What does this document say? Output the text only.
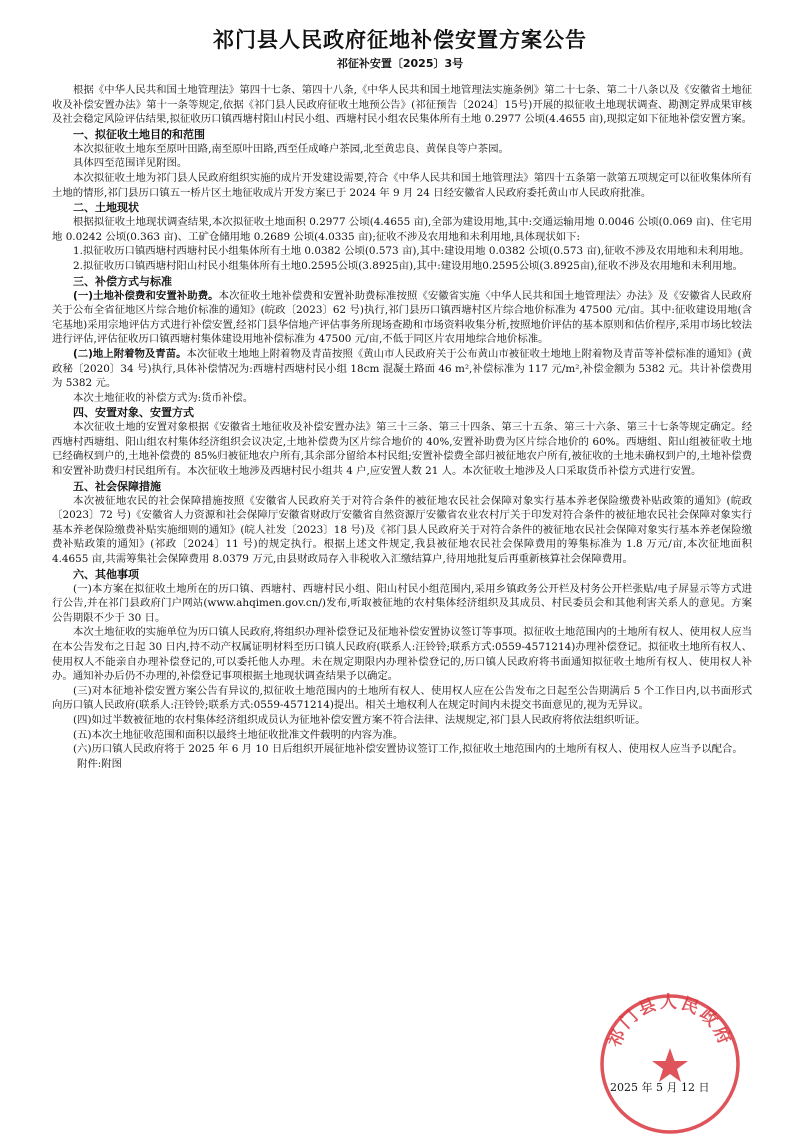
祁门县人民政府征地补偿安置方案公告
祁征补安置〔2025〕3号

根据《中华人民共和国土地管理法》第四十七条、第四十八条,《中华人民共和国土地管理法实施条例》第二十七条、第二十八条以及《安徽省土地征收及补偿安置办法》第十一条等规定,依据《祁门县人民政府征收土地预公告》(祁征预告〔2024〕15号)开展的拟征收土地现状调查、勘测定界成果审核及社会稳定风险评估结果,拟征收历口镇西塘村阳山村民小组、西塘村民小组农民集体所有土地 0.2977 公顷(4.4655 亩),现拟定如下征地补偿安置方案。

一、拟征收土地目的和范围

本次拟征收土地东至原叶田路,南至原叶田路,西至任成峰户茶园,北至黄忠良、黄保良等户茶园。

具体四至范围详见附图。

本次拟征收土地为祁门县人民政府组织实施的成片开发建设需要,符合《中华人民共和国土地管理法》第四十五条第一款第五项规定可以征收集体所有土地的情形,祁门县历口镇五一桥片区土地征收成片开发方案已于 2024 年 9 月 24 日经安徽省人民政府委托黄山市人民政府批准。

二、土地现状

根据拟征收土地现状调查结果,本次拟征收土地面积 0.2977 公顷(4.4655 亩),全部为建设用地,其中:交通运输用地 0.0046 公顷(0.069 亩)、住宅用地 0.0242 公顷(0.363 亩)、工矿仓储用地 0.2689 公顷(4.0335 亩);征收不涉及农用地和未利用地,具体现状如下:

1.拟征收历口镇西塘村西塘村民小组集体所有土地 0.0382 公顷(0.573 亩),其中:建设用地 0.0382 公顷(0.573 亩),征收不涉及农用地和未利用地。

2.拟征收历口镇西塘村阳山村民小组集体所有土地0.2595公顷(3.8925亩),其中:建设用地0.2595公顷(3.8925亩),征收不涉及农用地和未利用地。

三、补偿方式与标准

(一)土地补偿费和安置补助费。本次征收土地补偿费和安置补助费标准按照《安徽省实施〈中华人民共和国土地管理法〉办法》及《安徽省人民政府关于公布全省征地区片综合地价标准的通知》(皖政〔2023〕62 号)执行,祁门县历口镇西塘村区片综合地价标准为 47500 元/亩。其中:征收建设用地(含宅基地)采用宗地评估方式进行补偿安置,经祁门县华信地产评估事务所现场查勘和市场资料收集分析,按照地价评估的基本原则和估价程序,采用市场比较法进行评估,评估征收历口镇西塘村集体建设用地补偿标准为 47500 元/亩,不低于同区片农用地综合地价标准。

(二)地上附着物及青苗。本次征收土地地上附着物及青苗按照《黄山市人民政府关于公布黄山市被征收土地地上附着物及青苗等补偿标准的通知》(黄政秘〔2020〕34 号)执行,具体补偿情况为:西塘村西塘村民小组 18cm 混凝土路面 46 m²,补偿标准为 117 元/m²,补偿金额为 5382 元。共计补偿费用为 5382 元。

本次土地征收的补偿方式为:货币补偿。

四、安置对象、安置方式

本次征收土地的安置对象根据《安徽省土地征收及补偿安置办法》第三十三条、第三十四条、第三十五条、第三十六条、第三十七条等规定确定。经西塘村西塘组、阳山组农村集体经济组织会议决定,土地补偿费为区片综合地价的 40%,安置补助费为区片综合地价的 60%。西塘组、阳山组被征收土地已经确权到户的,土地补偿费的 85%归被征地农户所有,其余部分留给本村民组;安置补偿费全部归被征地农户所有,被征收的土地未确权到户的,土地补偿费和安置补助费归村民组所有。本次征收土地涉及西塘村民小组共 4 户,应安置人数 21 人。本次征收土地涉及人口采取货币补偿方式进行安置。

五、社会保障措施

本次被征地农民的社会保障措施按照《安徽省人民政府关于对符合条件的被征地农民社会保障对象实行基本养老保险缴费补贴政策的通知》(皖政〔2023〕72 号)《安徽省人力资源和社会保障厅安徽省财政厅安徽省自然资源厅安徽省农业农村厅关于印发对符合条件的被征地农民社会保障对象实行基本养老保险缴费补贴实施细则的通知》(皖人社发〔2023〕18 号)及《祁门县人民政府关于对符合条件的被征地农民社会保障对象实行基本养老保险缴费补贴政策的通知》(祁政〔2024〕11 号)的规定执行。根据上述文件规定,我县被征地农民社会保障费用的筹集标准为 1.8 万元/亩,本次征地面积 4.4655 亩,共需筹集社会保障费用 8.0379 万元,由县财政局存入非税收入汇缴结算户,待用地批复后再重新核算社会保障费用。

六、其他事项

(一)本方案在拟征收土地所在的历口镇、西塘村、西塘村民小组、阳山村民小组范围内,采用乡镇政务公开栏及村务公开栏张贴/电子屏显示等方式进行公告,并在祁门县政府门户网站(www.ahqimen.gov.cn/)发布,听取被征地的农村集体经济组织及其成员、村民委员会和其他利害关系人的意见。方案公告期限不少于 30 日。

本次土地征收的实施单位为历口镇人民政府,将组织办理补偿登记及征地补偿安置协议签订等事项。拟征收土地范围内的土地所有权人、使用权人应当在本公告发布之日起 30 日内,持不动产权属证明材料至历口镇人民政府(联系人:汪铃铃;联系方式:0559-4571214)办理补偿登记。拟征收土地所有权人、使用权人不能亲自办理补偿登记的,可以委托他人办理。未在规定期限内办理补偿登记的,历口镇人民政府将书面通知拟征收土地所有权人、使用权人补办。通知补办后仍不办理的,补偿登记事项根据土地现状调查结果予以确定。

(三)对本征地补偿安置方案公告有异议的,拟征收土地范围内的土地所有权人、使用权人应在公告发布之日起至公告期满后 5 个工作日内,以书面形式向历口镇人民政府(联系人:汪铃铃;联系方式:0559-4571214)提出。相关土地权利人在规定时间内未提交书面意见的,视为无异议。

(四)如过半数被征地的农村集体经济组织成员认为征地补偿安置方案不符合法律、法规规定,祁门县人民政府将依法组织听证。

(五)本次土地征收范围和面积以最终土地征收批准文件载明的内容为准。

(六)历口镇人民政府将于 2025 年 6 月 10 日后组织开展征地补偿安置协议签订工作,拟征收土地范围内的土地所有权人、使用权人应当予以配合。

附件:附图

祁门县人民政府
2025 年 5 月 12 日
